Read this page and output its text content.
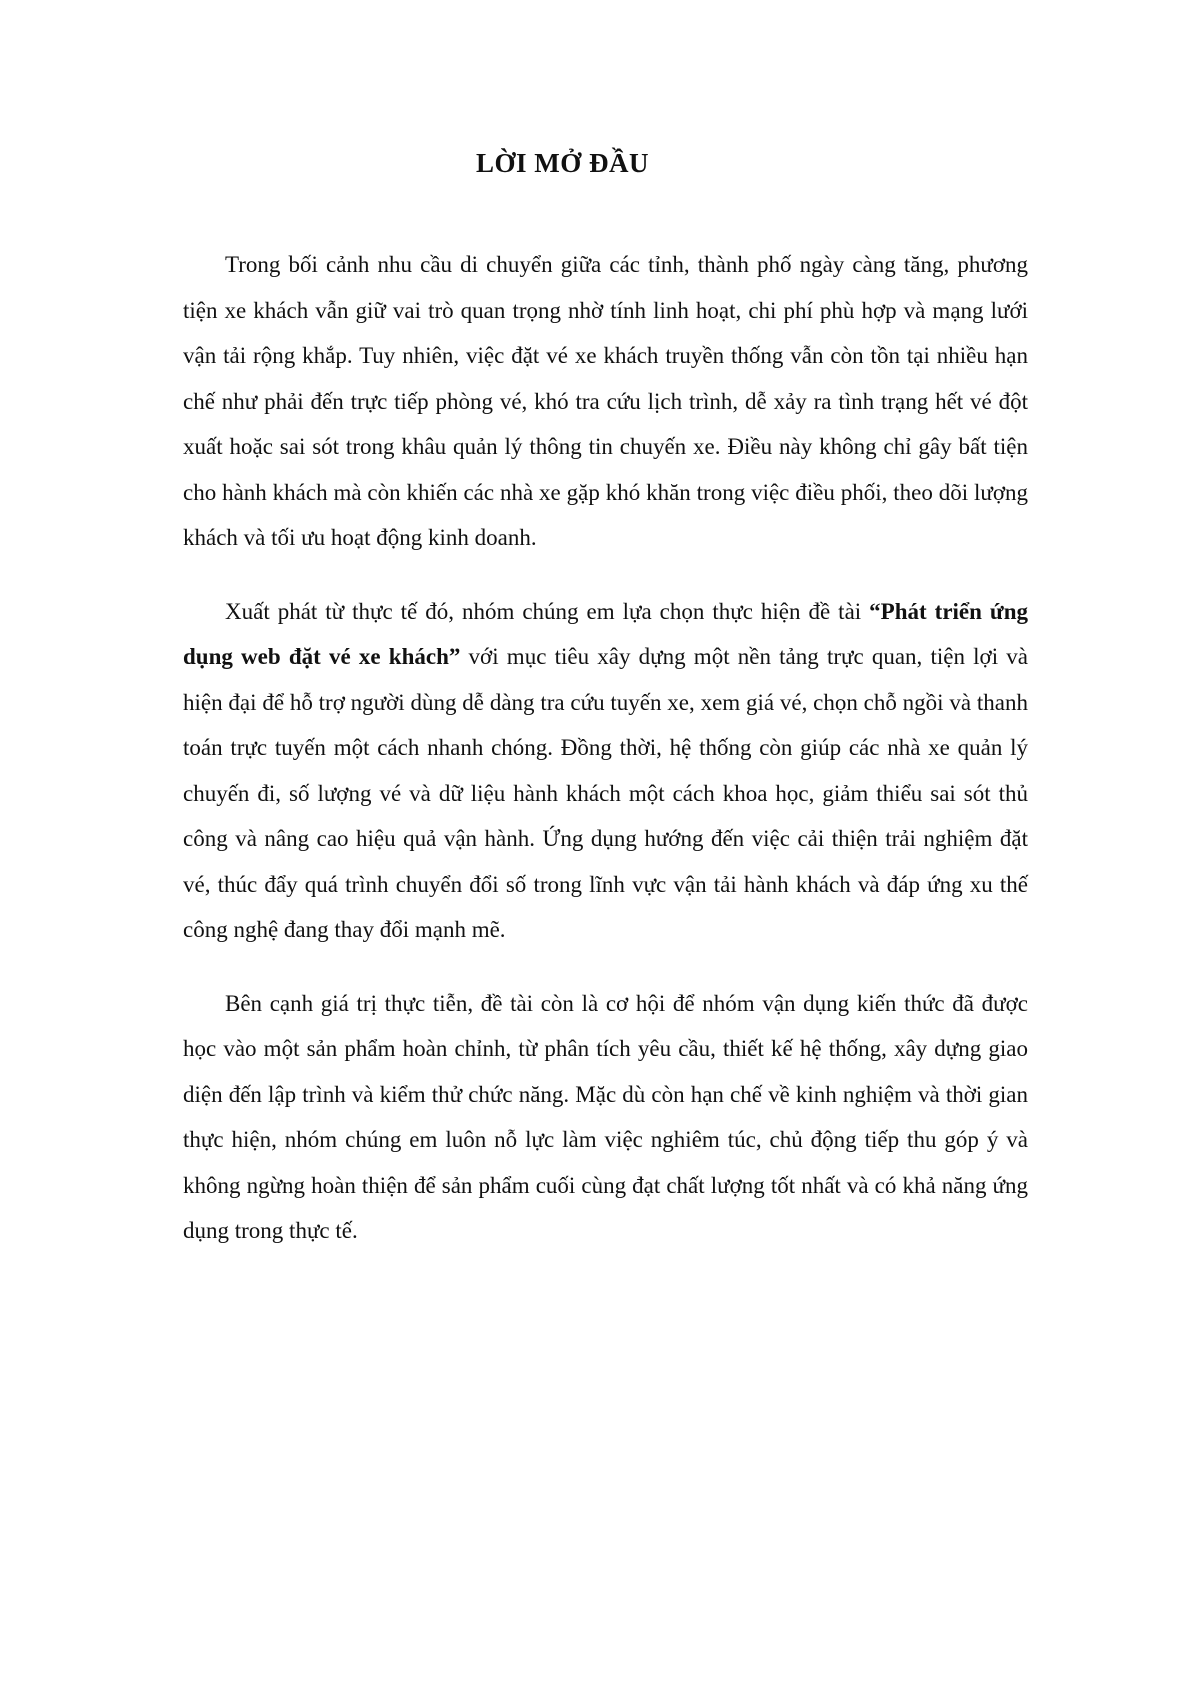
LỜI MỞ ĐẦU

Trong bối cảnh nhu cầu di chuyển giữa các tỉnh, thành phố ngày càng tăng, phương tiện xe khách vẫn giữ vai trò quan trọng nhờ tính linh hoạt, chi phí phù hợp và mạng lưới vận tải rộng khắp. Tuy nhiên, việc đặt vé xe khách truyền thống vẫn còn tồn tại nhiều hạn chế như phải đến trực tiếp phòng vé, khó tra cứu lịch trình, dễ xảy ra tình trạng hết vé đột xuất hoặc sai sót trong khâu quản lý thông tin chuyến xe. Điều này không chỉ gây bất tiện cho hành khách mà còn khiến các nhà xe gặp khó khăn trong việc điều phối, theo dõi lượng khách và tối ưu hoạt động kinh doanh.

Xuất phát từ thực tế đó, nhóm chúng em lựa chọn thực hiện đề tài “Phát triển ứng dụng web đặt vé xe khách” với mục tiêu xây dựng một nền tảng trực quan, tiện lợi và hiện đại để hỗ trợ người dùng dễ dàng tra cứu tuyến xe, xem giá vé, chọn chỗ ngồi và thanh toán trực tuyến một cách nhanh chóng. Đồng thời, hệ thống còn giúp các nhà xe quản lý chuyến đi, số lượng vé và dữ liệu hành khách một cách khoa học, giảm thiểu sai sót thủ công và nâng cao hiệu quả vận hành. Ứng dụng hướng đến việc cải thiện trải nghiệm đặt vé, thúc đẩy quá trình chuyển đổi số trong lĩnh vực vận tải hành khách và đáp ứng xu thế công nghệ đang thay đổi mạnh mẽ.

Bên cạnh giá trị thực tiễn, đề tài còn là cơ hội để nhóm vận dụng kiến thức đã được học vào một sản phẩm hoàn chỉnh, từ phân tích yêu cầu, thiết kế hệ thống, xây dựng giao diện đến lập trình và kiểm thử chức năng. Mặc dù còn hạn chế về kinh nghiệm và thời gian thực hiện, nhóm chúng em luôn nỗ lực làm việc nghiêm túc, chủ động tiếp thu góp ý và không ngừng hoàn thiện để sản phẩm cuối cùng đạt chất lượng tốt nhất và có khả năng ứng dụng trong thực tế.
